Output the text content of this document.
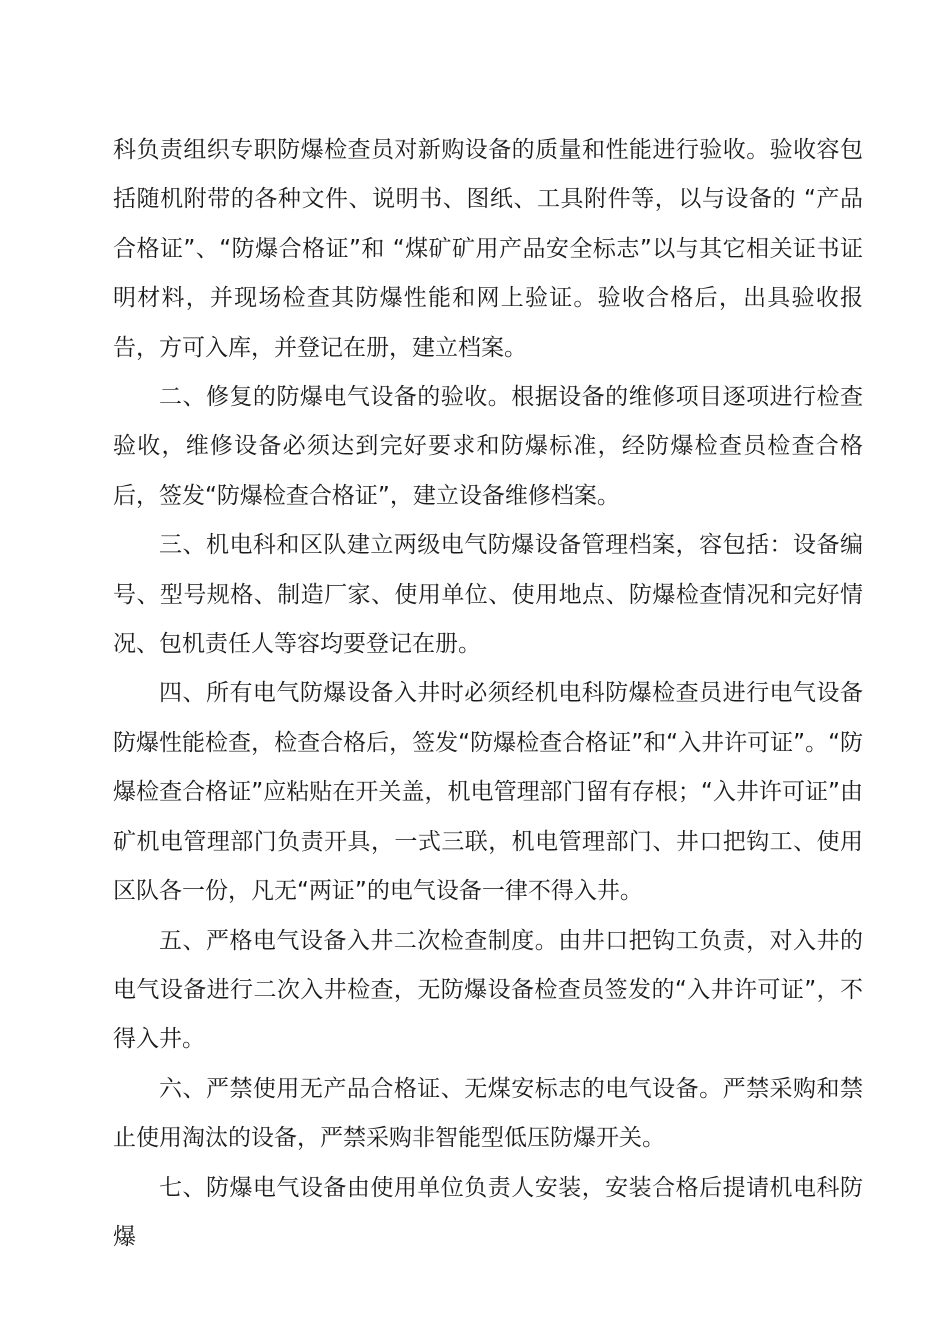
科负责组织专职防爆检查员对新购设备的质量和性能进行验收。验收容包括随机附带的各种文件、说明书、图纸、工具附件等，以与设备的 “产品合格证”、“防爆合格证”和 “煤矿矿用产品安全标志”以与其它相关证书证明材料，并现场检查其防爆性能和网上验证。验收合格后，出具验收报告，方可入库，并登记在册，建立档案。

二、修复的防爆电气设备的验收。根据设备的维修项目逐项进行检查验收，维修设备必须达到完好要求和防爆标准，经防爆检查员检查合格后，签发“防爆检查合格证”，建立设备维修档案。

三、机电科和区队建立两级电气防爆设备管理档案，容包括：设备编号、型号规格、制造厂家、使用单位、使用地点、防爆检查情况和完好情况、包机责任人等容均要登记在册。

四、所有电气防爆设备入井时必须经机电科防爆检查员进行电气设备防爆性能检查，检查合格后，签发“防爆检查合格证”和“入井许可证”。“防爆检查合格证”应粘贴在开关盖，机电管理部门留有存根；“入井许可证”由矿机电管理部门负责开具，一式三联，机电管理部门、井口把钩工、使用区队各一份，凡无“两证”的电气设备一律不得入井。

五、严格电气设备入井二次检查制度。由井口把钩工负责，对入井的电气设备进行二次入井检查，无防爆设备检查员签发的“入井许可证”，不得入井。

六、严禁使用无产品合格证、无煤安标志的电气设备。严禁采购和禁止使用淘汰的设备，严禁采购非智能型低压防爆开关。

七、防爆电气设备由使用单位负责人安装，安装合格后提请机电科防爆
